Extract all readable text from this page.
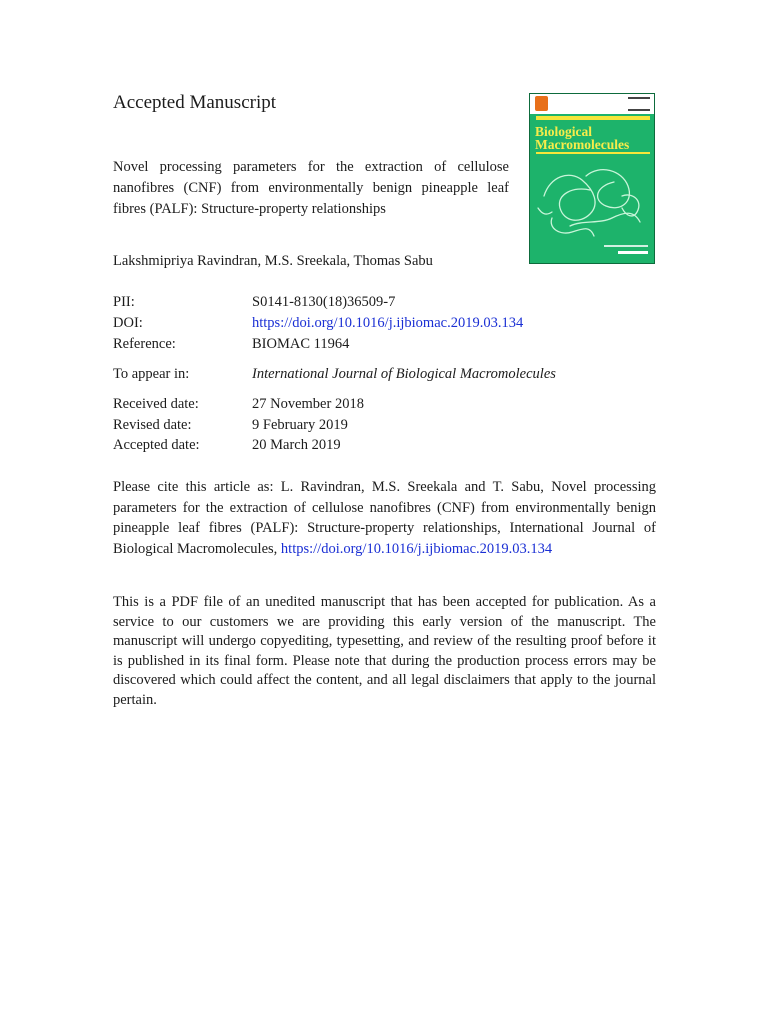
Accepted Manuscript
Novel processing parameters for the extraction of cellulose nanofibres (CNF) from environmentally benign pineapple leaf fibres (PALF): Structure-property relationships
Lakshmipriya Ravindran, M.S. Sreekala, Thomas Sabu
PII:	S0141-8130(18)36509-7
DOI:	https://doi.org/10.1016/j.ijbiomac.2019.03.134
Reference:	BIOMAC 11964
To appear in:	International Journal of Biological Macromolecules
Received date:	27 November 2018
Revised date:	9 February 2019
Accepted date:	20 March 2019
Please cite this article as: L. Ravindran, M.S. Sreekala and T. Sabu, Novel processing parameters for the extraction of cellulose nanofibres (CNF) from environmentally benign pineapple leaf fibres (PALF): Structure-property relationships, International Journal of Biological Macromolecules, https://doi.org/10.1016/j.ijbiomac.2019.03.134
This is a PDF file of an unedited manuscript that has been accepted for publication. As a service to our customers we are providing this early version of the manuscript. The manuscript will undergo copyediting, typesetting, and review of the resulting proof before it is published in its final form. Please note that during the production process errors may be discovered which could affect the content, and all legal disclaimers that apply to the journal pertain.
Biological Macromolecules
